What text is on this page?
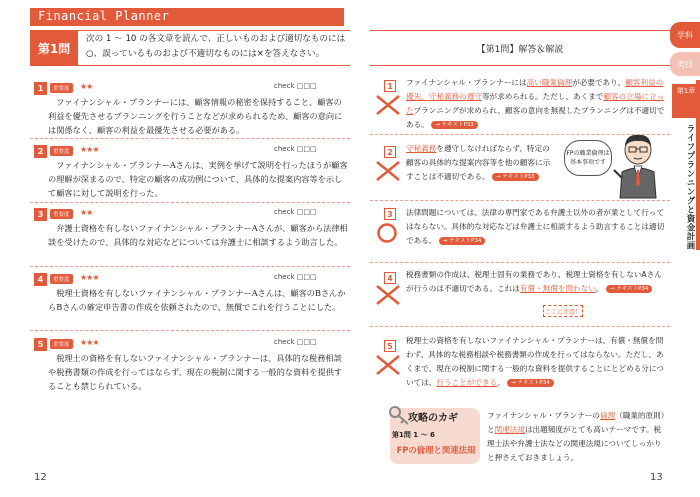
Financial Planner
第1問
次の 1 〜 10 の各文章を読んで、正しいものおよび適切なものには○、誤っているものおよび不適切なものには×を答えなさい。
1	重要度	★★	check □□□
ファイナンシャル・プランナーには、顧客情報の秘密を保持すること、顧客の利益を優先させるプランニングを行うことなどが求められるため、顧客の意向には関係なく、顧客の利益を最優先させる必要がある。
2	重要度	★★★	check □□□
ファイナンシャル・プランナーAさんは、実例を挙げて説明を行ったほうが顧客の理解が深まるので、特定の顧客の成功例について、具体的な提案内容等を示して顧客に対して説明を行った。
3	重要度	★★	check □□□
弁護士資格を有しないファイナンシャル・プランナーAさんが、顧客から法律相談を受けたので、具体的な対応などについては弁護士に相談するよう助言した。
4	重要度	★★★	check □□□
税理士資格を有しないファイナンシャル・プランナーAさんは、顧客のBさんからBさんの確定申告書の作成を依頼されたので、無償でこれを行うことにした。
5	重要度	★★★	check □□□
税理士の資格を有しないファイナンシャル・プランナーは、具体的な税務相談や税務書類の作成を行ってはならず、現在の税制に関する一般的な資料を提供することも禁じられている。
12
【第1問】解答＆解説
1	ファイナンシャル・プランナーには高い職業倫理が必要であり、顧客利益の優先、守秘義務の遵守等が求められる。ただし、あくまで顧客の立場に立ったプランニングが求められ、顧客の意向を無視したプランニングは不適切である。 → テキストP33
2	守秘義務を遵守しなければならず、特定の顧客の具体的な提案内容等を他の顧客に示すことは不適切である。 → テキストP33
FPの職業倫理は基本事項です
3	法律問題については、法律の専門家である弁護士以外の者が業として行ってはならない。具体的な対応などは弁護士に相談するよう助言することは適切である。 → テキストP34
4	税務書類の作成は、税理士固有の業務であり、税理士資格を有しないAさんが行うのは不適切である。これは有償・無償を問わない。 → テキストP34
ここに注意！
5
税理士の資格を有しないファイナンシャル・プランナーは、有償・無償を問わず、具体的な税務相談や税務書類の作成を行ってはならない。ただし、あくまで、現在の税制に関する一般的な資料を提供することにとどめる分については、行うことができる。 → テキストP34
攻略のカギ
第1問 1 〜 6
FPの倫理と関連法規
ファイナンシャル・プランナーの倫理（職業的原則）と関連法規は出題頻度がとても高いテーマです。税理士法や弁護士法などの関連法規についてしっかりと押さえておきましょう。
13
学科
実技
第1章
ライフプランニングと資金計画
